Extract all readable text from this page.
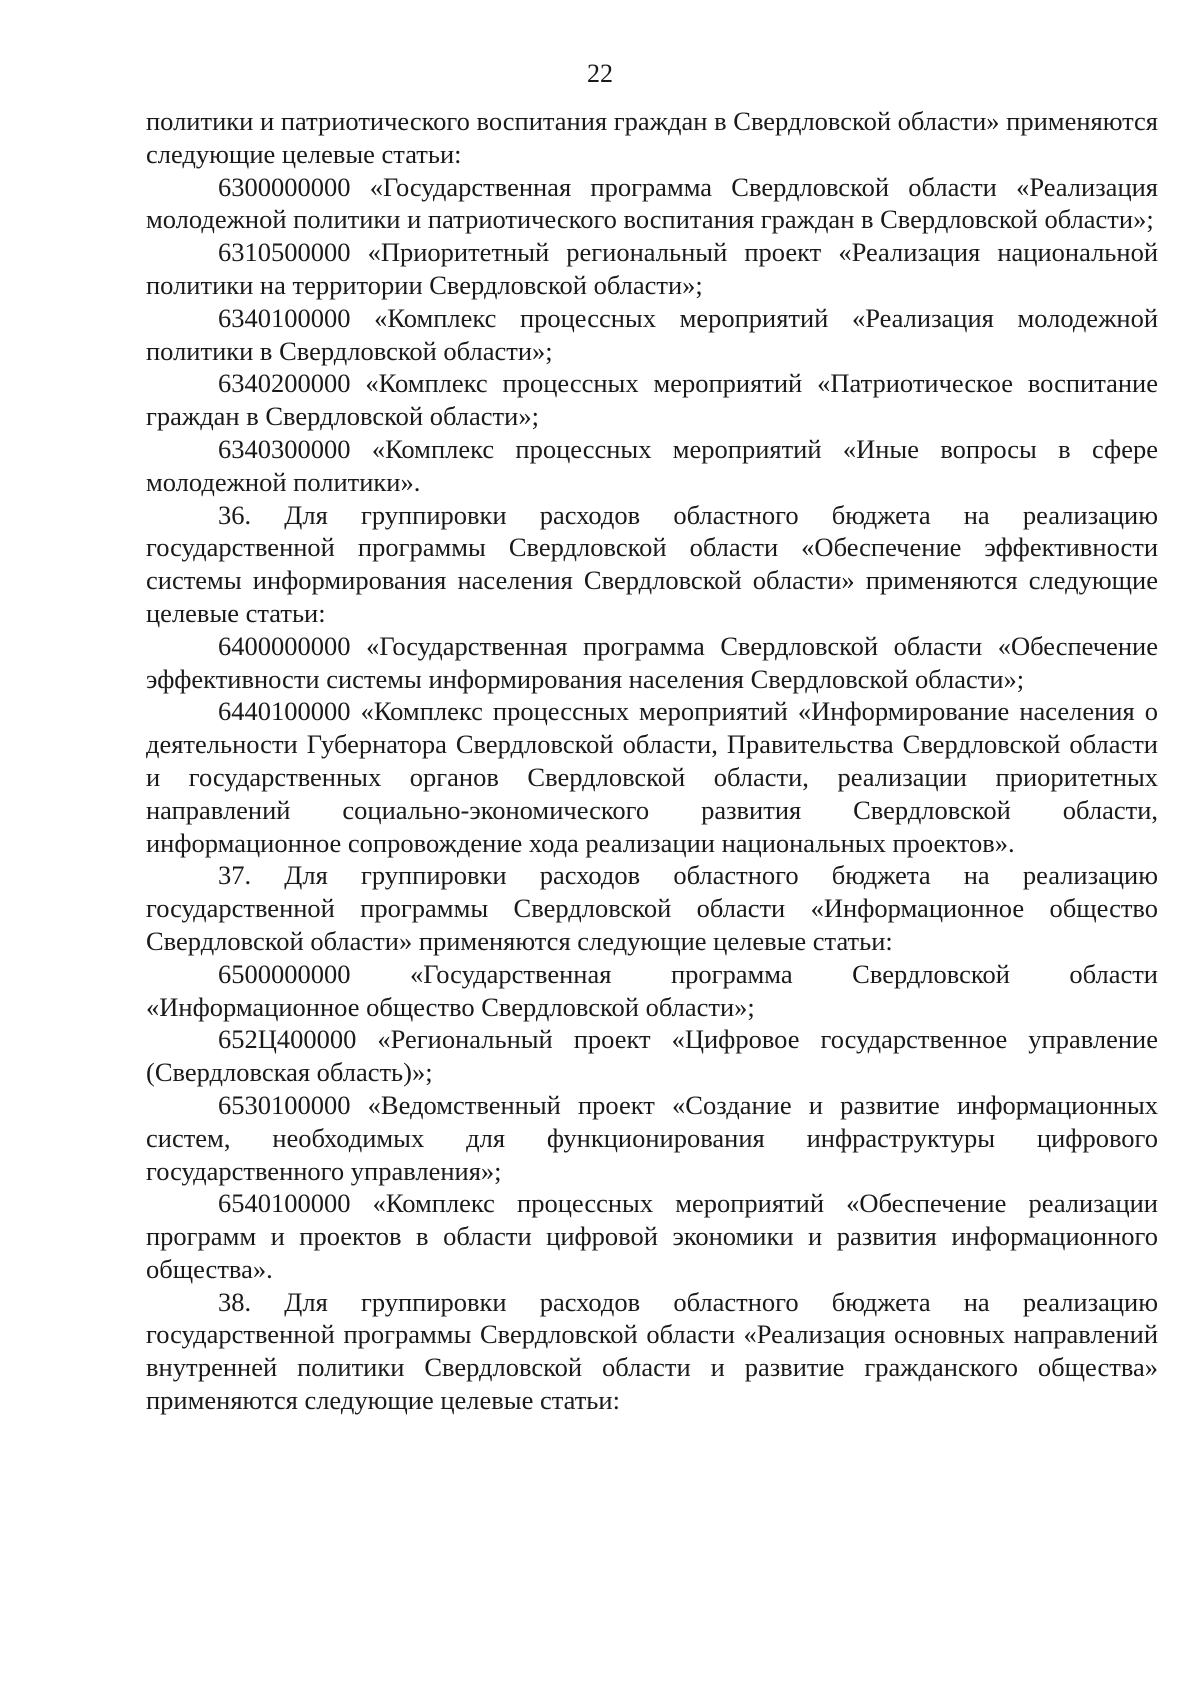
22

политики и патриотического воспитания граждан в Свердловской области» применяются следующие целевые статьи:

6300000000 «Государственная программа Свердловской области «Реализация молодежной политики и патриотического воспитания граждан в Свердловской области»;

6310500000 «Приоритетный региональный проект «Реализация национальной политики на территории Свердловской области»;

6340100000 «Комплекс процессных мероприятий «Реализация молодежной политики в Свердловской области»;

6340200000 «Комплекс процессных мероприятий «Патриотическое воспитание граждан в Свердловской области»;

6340300000 «Комплекс процессных мероприятий «Иные вопросы в сфере молодежной политики».

36. Для группировки расходов областного бюджета на реализацию государственной программы Свердловской области «Обеспечение эффективности системы информирования населения Свердловской области» применяются следующие целевые статьи:

6400000000 «Государственная программа Свердловской области «Обеспечение эффективности системы информирования населения Свердловской области»;

6440100000 «Комплекс процессных мероприятий «Информирование населения о деятельности Губернатора Свердловской области, Правительства Свердловской области и государственных органов Свердловской области, реализации приоритетных направлений социально-экономического развития Свердловской области, информационное сопровождение хода реализации национальных проектов».

37. Для группировки расходов областного бюджета на реализацию государственной программы Свердловской области «Информационное общество Свердловской области» применяются следующие целевые статьи:

6500000000 «Государственная программа Свердловской области «Информационное общество Свердловской области»;

652Ц400000 «Региональный проект «Цифровое государственное управление (Свердловская область)»;

6530100000 «Ведомственный проект «Создание и развитие информационных систем, необходимых для функционирования инфраструктуры цифрового государственного управления»;

6540100000 «Комплекс процессных мероприятий «Обеспечение реализации программ и проектов в области цифровой экономики и развития информационного общества».

38. Для группировки расходов областного бюджета на реализацию государственной программы Свердловской области «Реализация основных направлений внутренней политики Свердловской области и развитие гражданского общества» применяются следующие целевые статьи:
